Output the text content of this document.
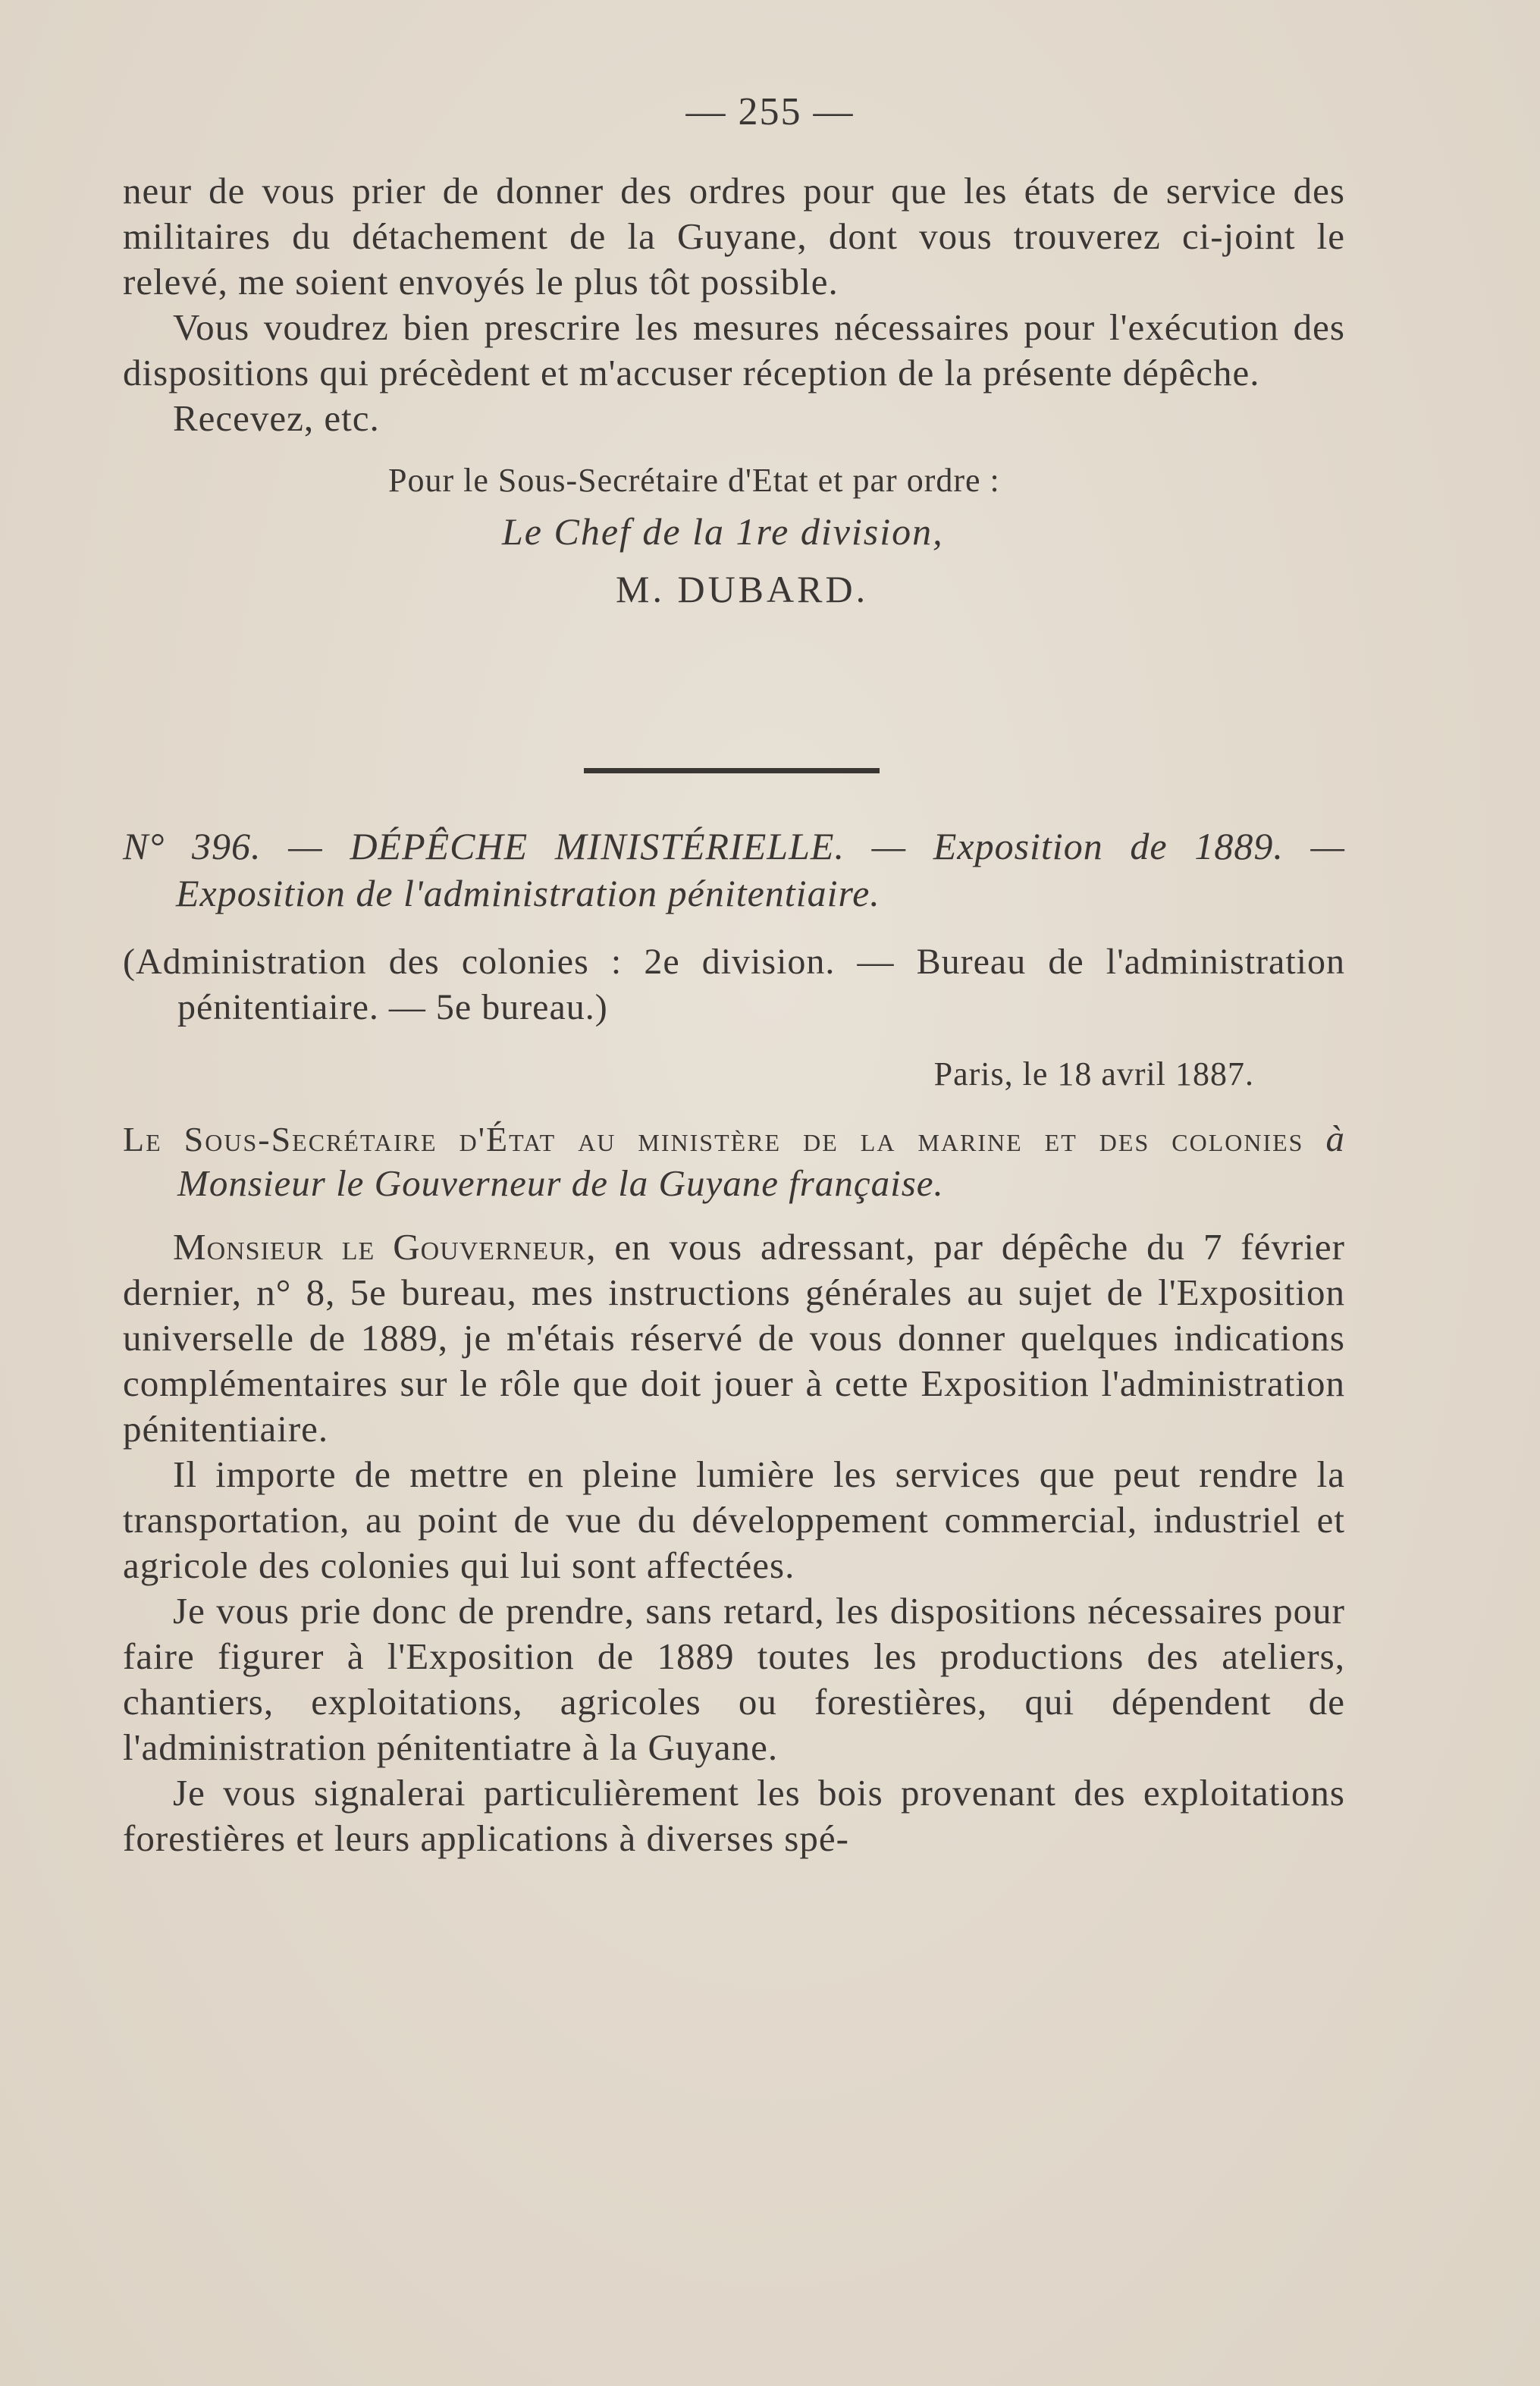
— 255 —

neur de vous prier de donner des ordres pour que les états de service des militaires du détachement de la Guyane, dont vous trouverez ci-joint le relevé, me soient envoyés le plus tôt possible.

Vous voudrez bien prescrire les mesures nécessaires pour l'exécution des dispositions qui précèdent et m'accuser réception de la présente dépêche.

Recevez, etc.

Pour le Sous-Secrétaire d'Etat et par ordre :
Le Chef de la 1re division,
M. DUBARD.

N° 396. — DÉPÊCHE MINISTÉRIELLE. — Exposition de 1889. — Exposition de l'administration pénitentiaire.

(Administration des colonies : 2e division. — Bureau de l'administration pénitentiaire. — 5e bureau.)

Paris, le 18 avril 1887.

Le Sous-Secrétaire d'État au ministère de la marine et des colonies à Monsieur le Gouverneur de la Guyane française.

Monsieur le Gouverneur, en vous adressant, par dépêche du 7 février dernier, n° 8, 5e bureau, mes instructions générales au sujet de l'Exposition universelle de 1889, je m'étais réservé de vous donner quelques indications complémentaires sur le rôle que doit jouer à cette Exposition l'administration pénitentiaire.

Il importe de mettre en pleine lumière les services que peut rendre la transportation, au point de vue du développement commercial, industriel et agricole des colonies qui lui sont affectées.

Je vous prie donc de prendre, sans retard, les dispositions nécessaires pour faire figurer à l'Exposition de 1889 toutes les productions des ateliers, chantiers, exploitations, agricoles ou forestières, qui dépendent de l'administration pénitentiatre à la Guyane.

Je vous signalerai particulièrement les bois provenant des exploitations forestières et leurs applications à diverses spé-
